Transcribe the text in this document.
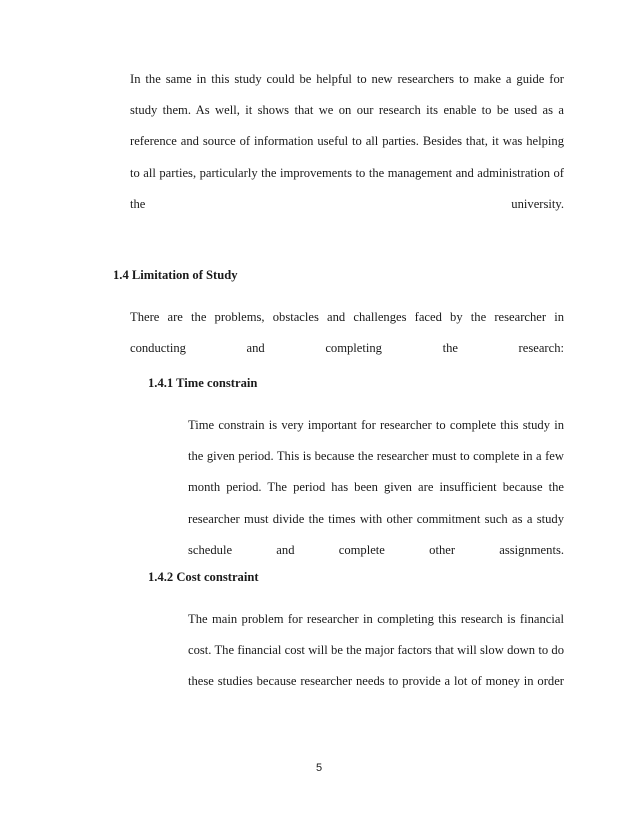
In the same in this study could be helpful to new researchers to make a guide for study them. As well, it shows that we on our research its enable to be used as a reference and source of information useful to all parties. Besides that, it was helping to all parties, particularly the improvements to the management and administration of the university.

1.4 Limitation of Study

There are the problems, obstacles and challenges faced by the researcher in conducting and completing the research:

1.4.1 Time constrain

Time constrain is very important for researcher to complete this study in the given period. This is because the researcher must to complete in a few month period. The period has been given are insufficient because the researcher must divide the times with other commitment such as a study schedule and complete other assignments.

1.4.2 Cost constraint

The main problem for researcher in completing this research is financial cost. The financial cost will be the major factors that will slow down to do these studies because researcher needs to provide a lot of money in order

5
